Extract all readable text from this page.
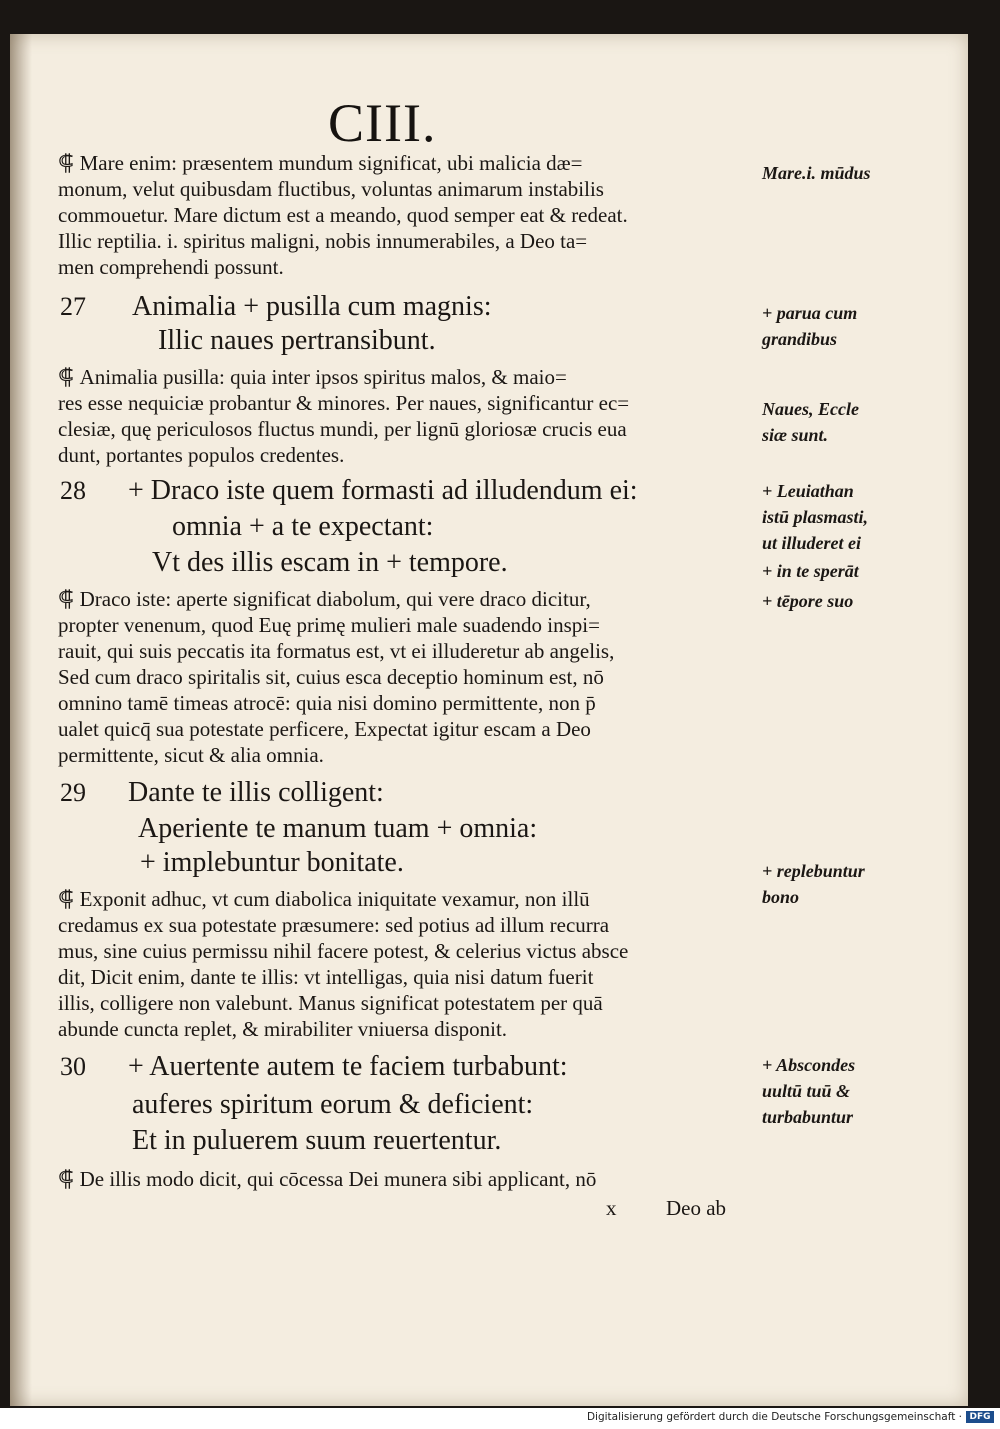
CIII.
⸿ Mare enim: præsentem mundum significat, ubi malicia dæ=
monum, velut quibusdam fluctibus, voluntas animarum instabilis
commouetur. Mare dictum est a meando, quod semper eat & redeat.
Illic reptilia. i. spiritus maligni, nobis innumerabiles, a Deo ta=
men comprehendi possunt.
27 Animalia + pusilla cum magnis:
Illic naues pertransibunt.
⸿ Animalia pusilla: quia inter ipsos spiritus malos, & maio=
res esse nequiciæ probantur & minores. Per naues, significantur ec=
clesiæ, quę periculosos fluctus mundi, per lignū gloriosæ crucis eua
dunt, portantes populos credentes.
28 + Draco iste quem formasti ad illudendum ei:
omnia + a te expectant:
Vt des illis escam in + tempore.
⸿ Draco iste: aperte significat diabolum, qui vere draco dicitur,
propter venenum, quod Euę primę mulieri male suadendo inspi=
rauit, qui suis peccatis ita formatus est, vt ei illuderetur ab angelis,
Sed cum draco spiritalis sit, cuius esca deceptio hominum est, nō
omnino tamē timeas atrocē: quia nisi domino permittente, non p̄
ualet quicq̄ sua potestate perficere, Expectat igitur escam a Deo
permittente, sicut & alia omnia.
29 Dante te illis colligent:
Aperiente te manum tuam + omnia:
+ implebuntur bonitate.
⸿ Exponit adhuc, vt cum diabolica iniquitate vexamur, non illū
credamus ex sua potestate præsumere: sed potius ad illum recurra
mus, sine cuius permissu nihil facere potest, & celerius victus absce
dit, Dicit enim, dante te illis: vt intelligas, quia nisi datum fuerit
illis, colligere non valebunt. Manus significat potestatem per quā
abunde cuncta replet, & mirabiliter vniuersa disponit.
30 + Auertente autem te faciem turbabunt:
auferes spiritum eorum & deficient:
Et in puluerem suum reuertentur.
⸿ De illis modo dicit, qui cōcessa Dei munera sibi applicant, nō
x Deo ab
Mare.i. mūdus
+ parua cum
grandibus
Naues, Eccle
siæ sunt.
+ Leuiathan
istū plasmasti,
ut illuderet ei
+ in te sperāt
+ tēpore suo
+ replebuntur
bono
+ Abscondes
uultū tuū &
turbabuntur
Digitalisierung gefördert durch die Deutsche Forschungsgemeinschaft · DFG
